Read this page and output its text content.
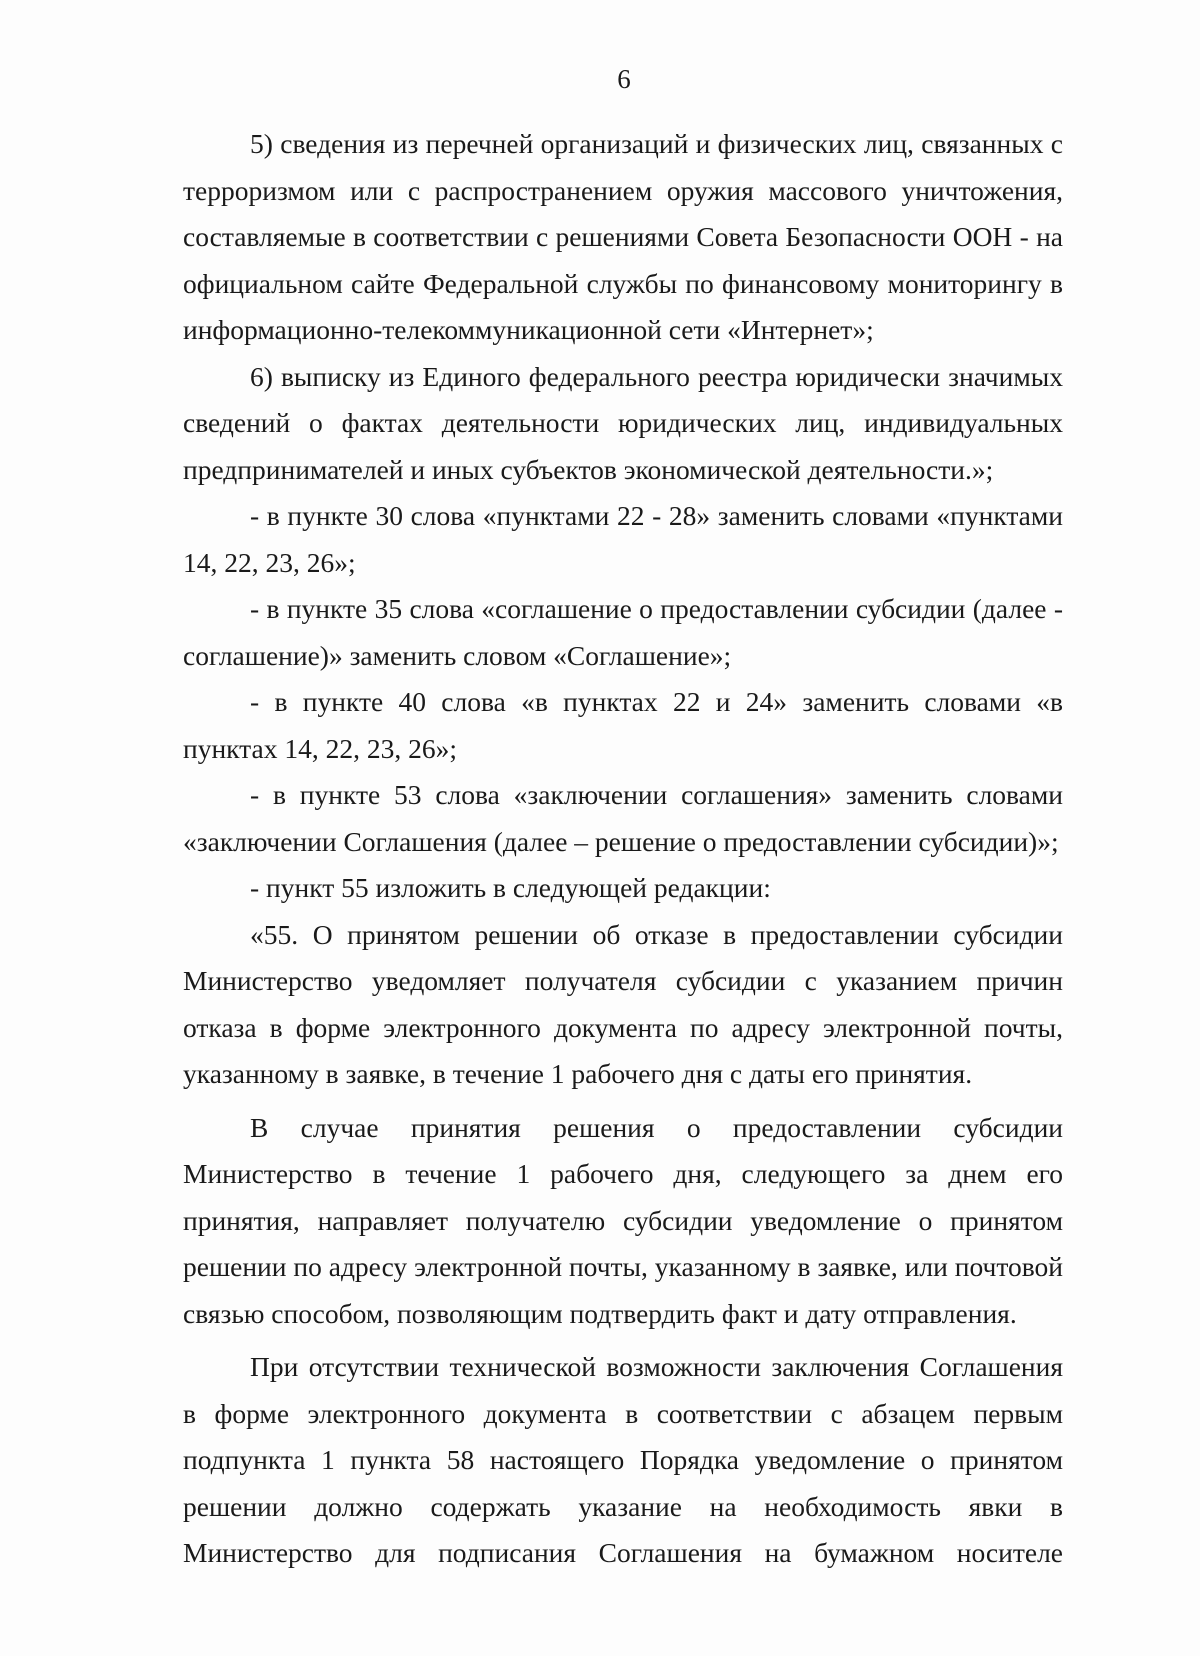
6

5) сведения из перечней организаций и физических лиц, связанных с терроризмом или с распространением оружия массового уничтожения, составляемые в соответствии с решениями Совета Безопасности ООН - на официальном сайте Федеральной службы по финансовому мониторингу в информационно-телекоммуникационной сети «Интернет»;

6) выписку из Единого федерального реестра юридически значимых сведений о фактах деятельности юридических лиц, индивидуальных предпринимателей и иных субъектов экономической деятельности.»;

- в пункте 30 слова «пунктами 22 - 28» заменить словами «пунктами 14, 22, 23, 26»;

- в пункте 35 слова «соглашение о предоставлении субсидии (далее - соглашение)» заменить словом «Соглашение»;

- в пункте 40 слова «в пунктах 22 и 24» заменить словами «в пунктах 14, 22, 23, 26»;

- в пункте 53 слова «заключении соглашения» заменить словами «заключении Соглашения (далее – решение о предоставлении субсидии)»;

- пункт 55 изложить в следующей редакции:

«55. О принятом решении об отказе в предоставлении субсидии Министерство уведомляет получателя субсидии с указанием причин отказа в форме электронного документа по адресу электронной почты, указанному в заявке, в течение 1 рабочего дня с даты его принятия.

В случае принятия решения о предоставлении субсидии Министерство в течение 1 рабочего дня, следующего за днем его принятия, направляет получателю субсидии уведомление о принятом решении по адресу электронной почты, указанному в заявке, или почтовой связью способом, позволяющим подтвердить факт и дату отправления.

При отсутствии технической возможности заключения Соглашения в форме электронного документа в соответствии с абзацем первым подпункта 1 пункта 58 настоящего Порядка уведомление о принятом решении должно содержать указание на необходимость явки в Министерство для подписания Соглашения на бумажном носителе
